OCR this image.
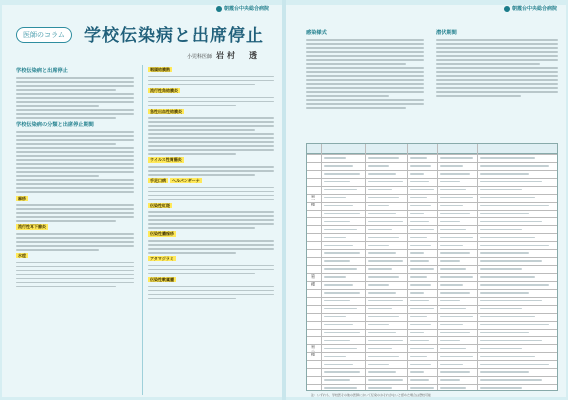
朝霞台中央総合病院
医師のコラム	学校伝染病と出席停止
小児科医師 岩村　透
学校伝染病と出席停止
学校伝染病の分類と出席停止期間
麻疹
流行性耳下腺炎
水痘
咽頭結膜熱
流行性角結膜炎
急性出血性結膜炎
ウイルス性胃腸炎
手足口病 ヘルパンギーナ
伝染性紅斑
伝染性膿痂疹
アタマジラミ
伝染性軟属腫
朝霞台中央総合病院
感染様式	潜伏期間
第一種
第二種
第三種
注：いずれも、学校医その他の医師において伝染のおそれがないと認めた場合は登校可能
